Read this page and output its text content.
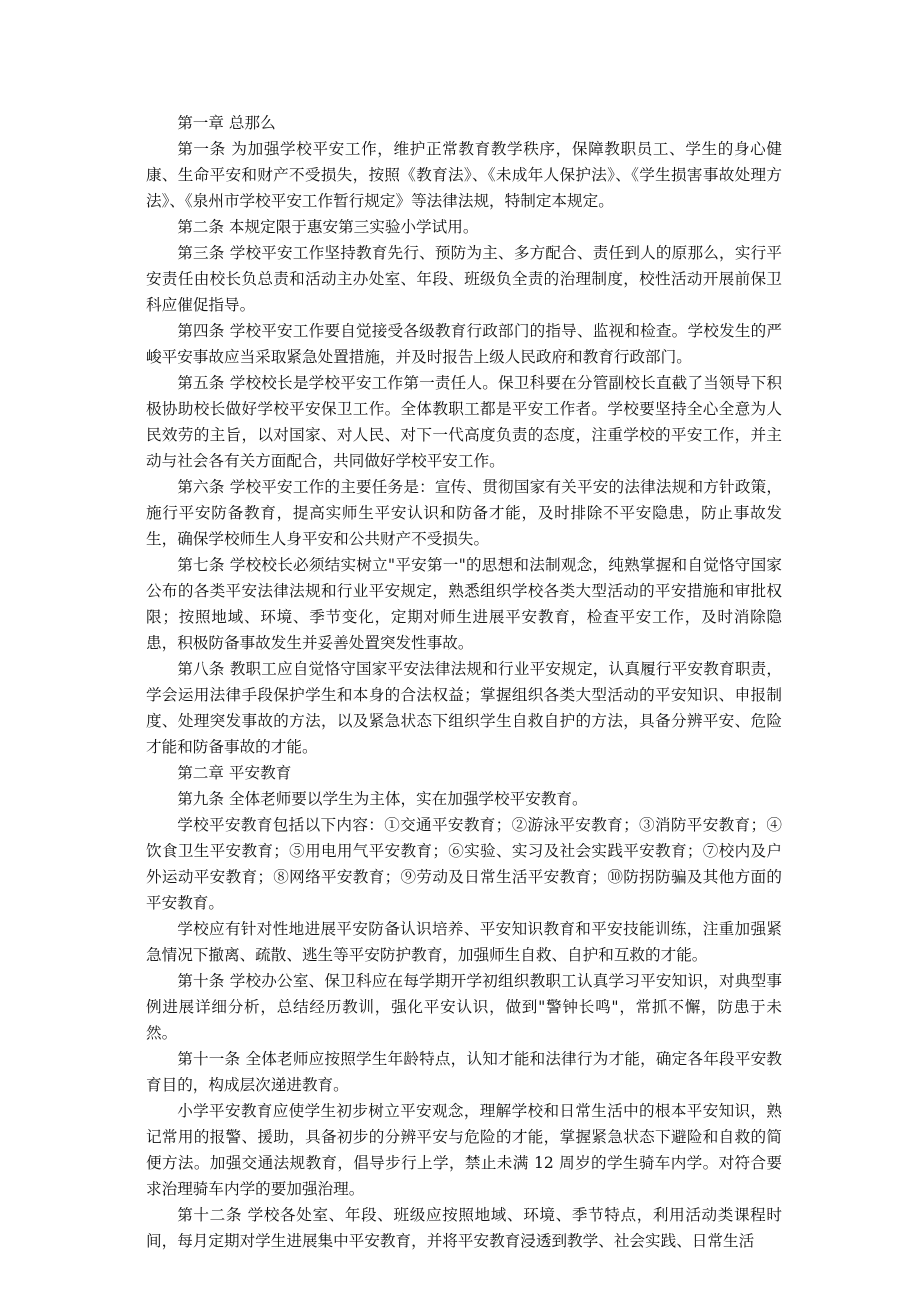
第一章 总那么

第一条 为加强学校平安工作，维护正常教育教学秩序，保障教职员工、学生的身心健康、生命平安和财产不受损失，按照《教育法》、《未成年人保护法》、《学生损害事故处理方法》、《泉州市学校平安工作暂行规定》等法律法规，特制定本规定。

第二条 本规定限于惠安第三实验小学试用。

第三条 学校平安工作坚持教育先行、预防为主、多方配合、责任到人的原那么，实行平安责任由校长负总责和活动主办处室、年段、班级负全责的治理制度，校性活动开展前保卫科应催促指导。

第四条 学校平安工作要自觉接受各级教育行政部门的指导、监视和检查。学校发生的严峻平安事故应当采取紧急处置措施，并及时报告上级人民政府和教育行政部门。

第五条 学校校长是学校平安工作第一责任人。保卫科要在分管副校长直截了当领导下积极协助校长做好学校平安保卫工作。全体教职工都是平安工作者。学校要坚持全心全意为人民效劳的主旨，以对国家、对人民、对下一代高度负责的态度，注重学校的平安工作，并主动与社会各有关方面配合，共同做好学校平安工作。

第六条 学校平安工作的主要任务是：宣传、贯彻国家有关平安的法律法规和方针政策，施行平安防备教育，提高实师生平安认识和防备才能，及时排除不平安隐患，防止事故发生，确保学校师生人身平安和公共财产不受损失。

第七条 学校校长必须结实树立"平安第一"的思想和法制观念，纯熟掌握和自觉恪守国家公布的各类平安法律法规和行业平安规定，熟悉组织学校各类大型活动的平安措施和审批权限；按照地域、环境、季节变化，定期对师生进展平安教育，检查平安工作，及时消除隐患，积极防备事故发生并妥善处置突发性事故。

第八条 教职工应自觉恪守国家平安法律法规和行业平安规定，认真履行平安教育职责，学会运用法律手段保护学生和本身的合法权益；掌握组织各类大型活动的平安知识、申报制度、处理突发事故的方法，以及紧急状态下组织学生自救自护的方法，具备分辨平安、危险才能和防备事故的才能。

第二章 平安教育

第九条 全体老师要以学生为主体，实在加强学校平安教育。

学校平安教育包括以下内容：①交通平安教育；②游泳平安教育；③消防平安教育；④饮食卫生平安教育；⑤用电用气平安教育；⑥实验、实习及社会实践平安教育；⑦校内及户外运动平安教育；⑧网络平安教育；⑨劳动及日常生活平安教育；⑩防拐防骗及其他方面的平安教育。

学校应有针对性地进展平安防备认识培养、平安知识教育和平安技能训练，注重加强紧急情况下撤离、疏散、逃生等平安防护教育，加强师生自救、自护和互救的才能。

第十条 学校办公室、保卫科应在每学期开学初组织教职工认真学习平安知识，对典型事例进展详细分析，总结经历教训，强化平安认识，做到"警钟长鸣"，常抓不懈，防患于未然。

第十一条 全体老师应按照学生年龄特点，认知才能和法律行为才能，确定各年段平安教育目的，构成层次递进教育。

小学平安教育应使学生初步树立平安观念，理解学校和日常生活中的根本平安知识，熟记常用的报警、援助，具备初步的分辨平安与危险的才能，掌握紧急状态下避险和自救的简便方法。加强交通法规教育，倡导步行上学，禁止未满 12 周岁的学生骑车内学。对符合要求治理骑车内学的要加强治理。

第十二条 学校各处室、年段、班级应按照地域、环境、季节特点，利用活动类课程时间，每月定期对学生进展集中平安教育，并将平安教育浸透到教学、社会实践、日常生活
